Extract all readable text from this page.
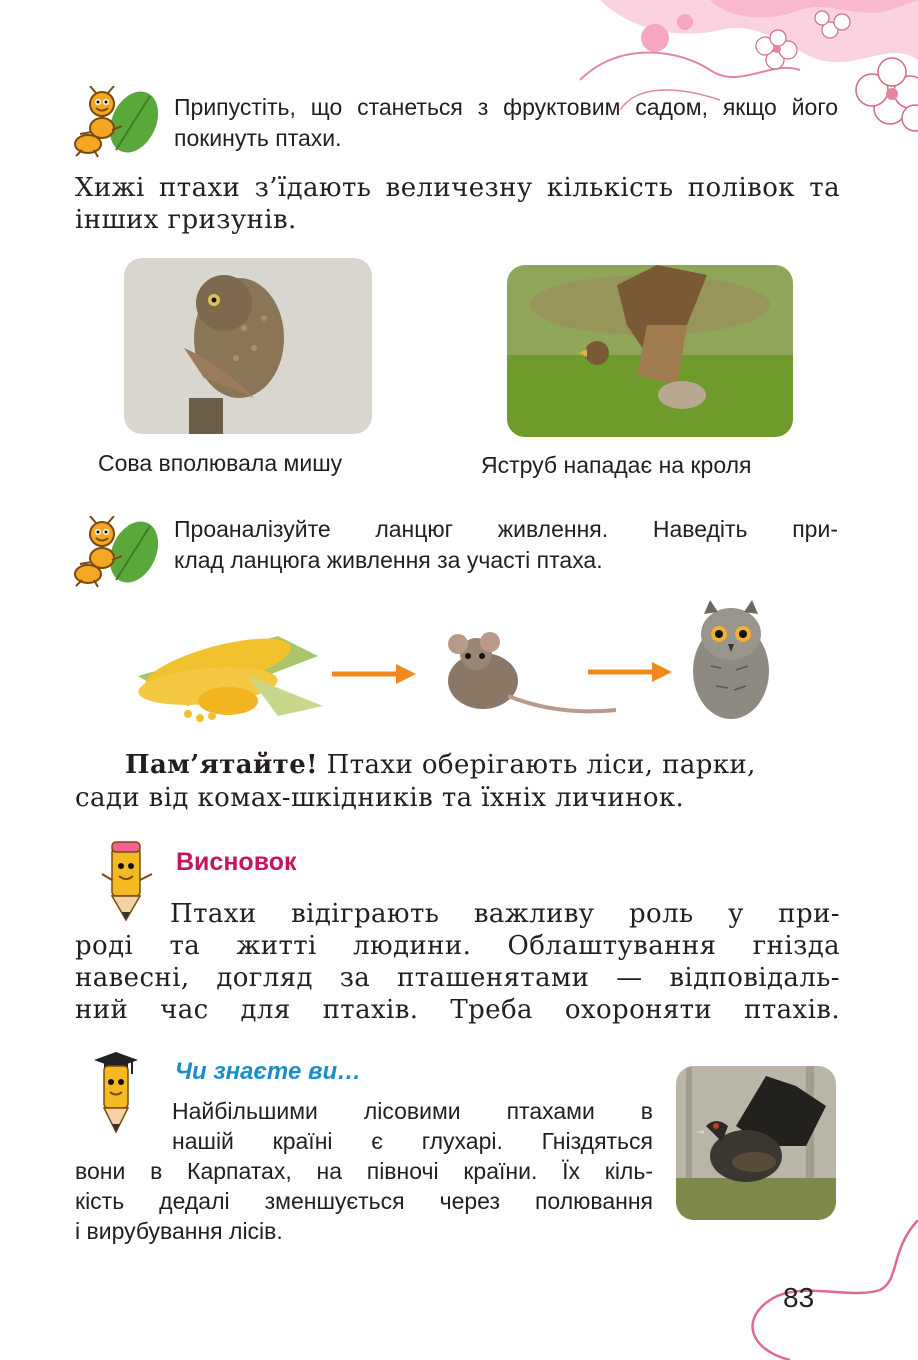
Припустіть, що станеться з фруктовим садом, якщо його покинуть птахи.
Хижі птахи з’їдають величезну кількість полівок та інших гризунів.
Сова вполювала мишу	Яструб нападає на кроля
Проаналізуйте ланцюг живлення. Наведіть при-
клад ланцюга живлення за участі птаха.
Пам’ятайте! Птахи оберігають ліси, парки,
сади від комах-шкідників та їхніх личинок.
Висновок
Птахи відіграють важливу роль у при-
роді та житті людини. Облаштування гнізда
навесні, догляд за пташенятами — відповідаль-
ний час для птахів. Треба охороняти птахів.
Чи знаєте ви…
Найбільшими лісовими птахами в
нашій країні є глухарі. Гніздяться
вони в Карпатах, на півночі країни. Їх кіль-
кість дедалі зменшується через полювання
і вирубування лісів.
83
